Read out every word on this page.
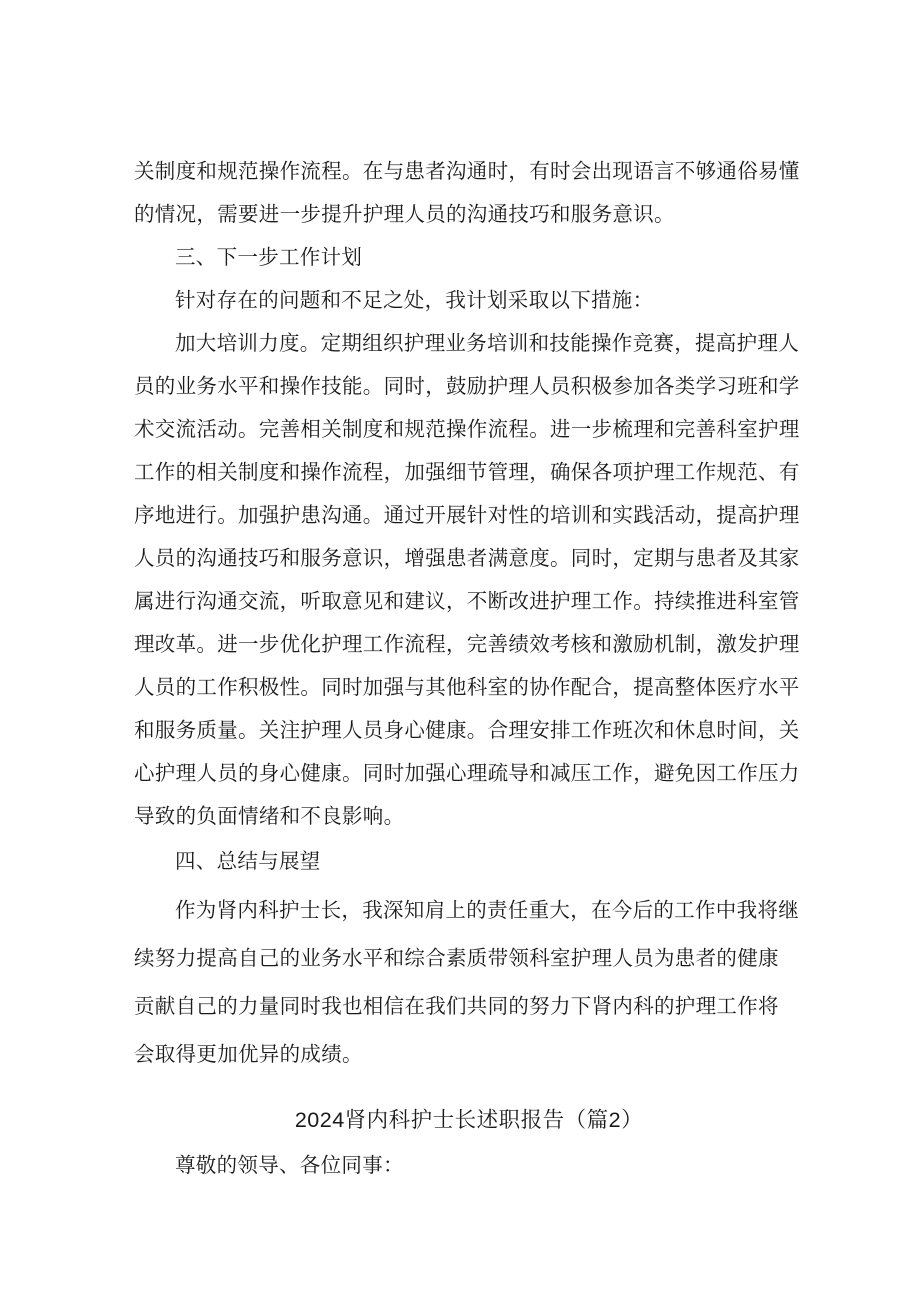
关制度和规范操作流程。在与患者沟通时，有时会出现语言不够通俗易懂
的情况，需要进一步提升护理人员的沟通技巧和服务意识。
三、下一步工作计划
针对存在的问题和不足之处，我计划采取以下措施：
加大培训力度。定期组织护理业务培训和技能操作竞赛，提高护理人
员的业务水平和操作技能。同时，鼓励护理人员积极参加各类学习班和学
术交流活动。完善相关制度和规范操作流程。进一步梳理和完善科室护理
工作的相关制度和操作流程，加强细节管理，确保各项护理工作规范、有
序地进行。加强护患沟通。通过开展针对性的培训和实践活动，提高护理
人员的沟通技巧和服务意识，增强患者满意度。同时，定期与患者及其家
属进行沟通交流，听取意见和建议，不断改进护理工作。持续推进科室管
理改革。进一步优化护理工作流程，完善绩效考核和激励机制，激发护理
人员的工作积极性。同时加强与其他科室的协作配合，提高整体医疗水平
和服务质量。关注护理人员身心健康。合理安排工作班次和休息时间，关
心护理人员的身心健康。同时加强心理疏导和减压工作，避免因工作压力
导致的负面情绪和不良影响。
四、总结与展望
作为肾内科护士长，我深知肩上的责任重大，在今后的工作中我将继
续努力提高自己的业务水平和综合素质带领科室护理人员为患者的健康
贡献自己的力量同时我也相信在我们共同的努力下肾内科的护理工作将
会取得更加优异的成绩。
2024肾内科护士长述职报告（篇2）
尊敬的领导、各位同事：
